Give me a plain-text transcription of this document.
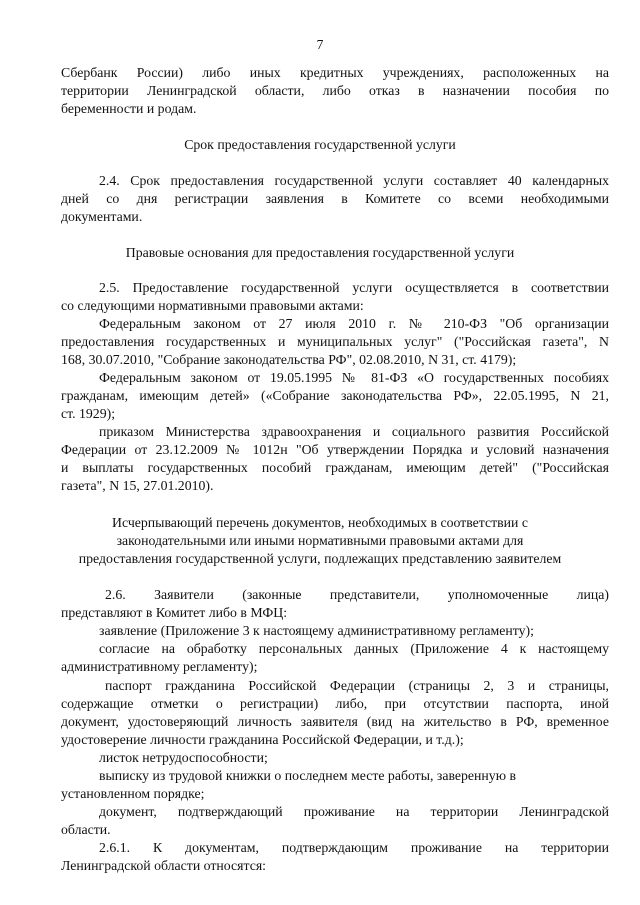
7
Сбербанк России) либо иных кредитных учреждениях, расположенных на
территории Ленинградской области, либо отказ в назначении пособия по
беременности и родам.
Срок предоставления государственной услуги
2.4. Срок предоставления государственной услуги составляет 40 календарных
дней со дня регистрации заявления в Комитете со всеми необходимыми
документами.
Правовые основания для предоставления государственной услуги
2.5. Предоставление государственной услуги осуществляется в соответствии
со следующими нормативными правовыми актами:
Федеральным законом от 27 июля 2010 г. № 210-ФЗ "Об организации
предоставления государственных и муниципальных услуг" ("Российская газета", N
168, 30.07.2010, "Собрание законодательства РФ", 02.08.2010, N 31, ст. 4179);
Федеральным законом от 19.05.1995 № 81-ФЗ «О государственных пособиях
гражданам, имеющим детей» («Собрание законодательства РФ», 22.05.1995, N 21,
ст. 1929);
приказом Министерства здравоохранения и социального развития Российской
Федерации от 23.12.2009 № 1012н "Об утверждении Порядка и условий назначения
и выплаты государственных пособий гражданам, имеющим детей" ("Российская
газета", N 15, 27.01.2010).
Исчерпывающий перечень документов, необходимых в соответствии с
законодательными или иными нормативными правовыми актами для
предоставления государственной услуги, подлежащих представлению заявителем
2.6. Заявители (законные представители, уполномоченные лица)
представляют в Комитет либо в МФЦ:
заявление (Приложение 3 к настоящему административному регламенту);
согласие на обработку персональных данных (Приложение 4 к настоящему
административному регламенту);
паспорт гражданина Российской Федерации (страницы 2, 3 и страницы,
содержащие отметки о регистрации) либо, при отсутствии паспорта, иной
документ, удостоверяющий личность заявителя (вид на жительство в РФ, временное
удостоверение личности гражданина Российской Федерации, и т.д.);
листок нетрудоспособности;
выписку из трудовой книжки о последнем месте работы, заверенную в
установленном порядке;
документ, подтверждающий проживание на территории Ленинградской
области.
2.6.1. К документам, подтверждающим проживание на территории
Ленинградской области относятся:
